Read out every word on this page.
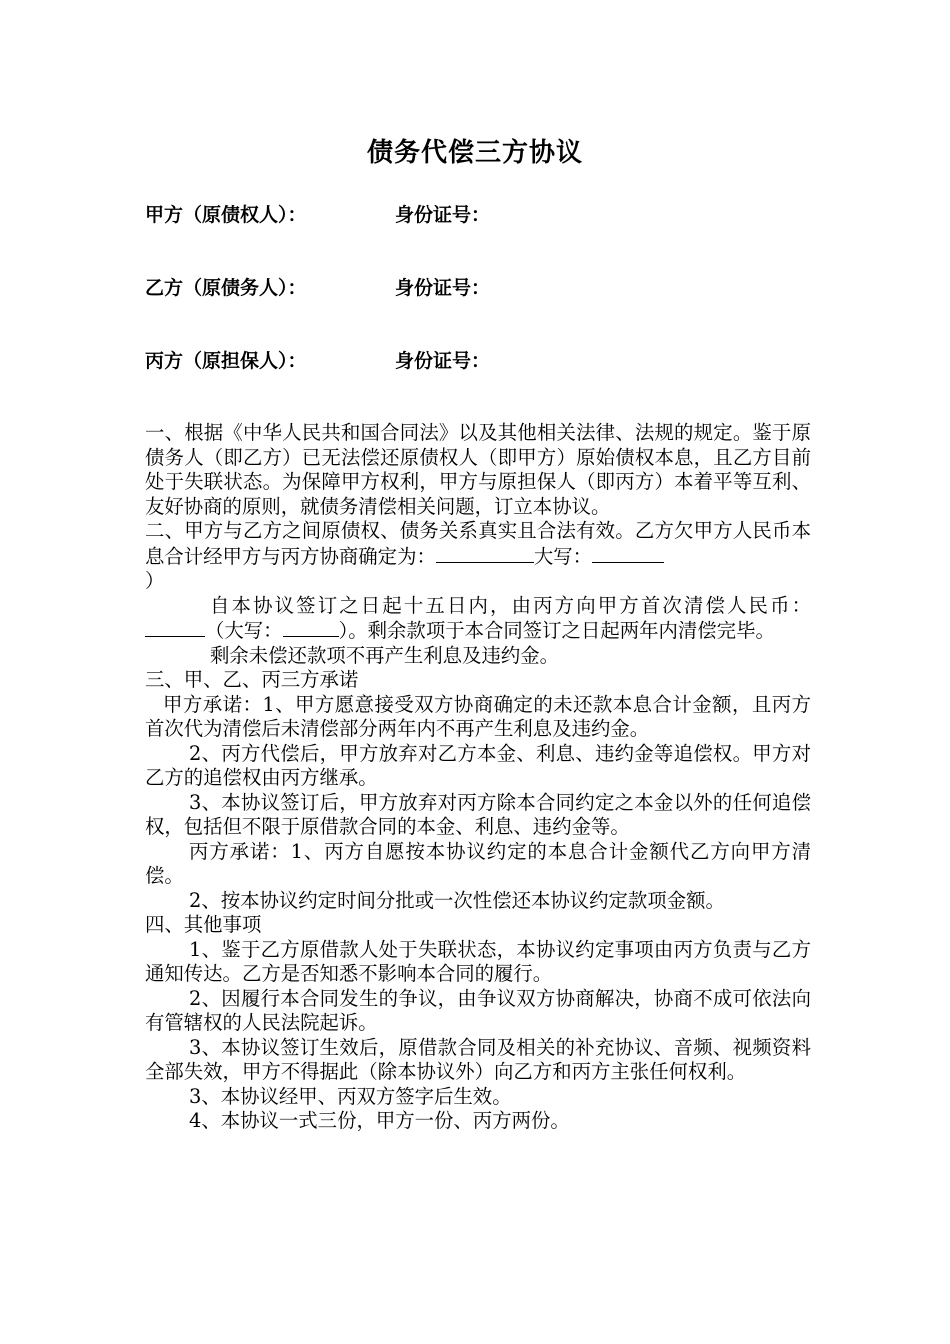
债务代偿三方协议
甲方（原债权人）：	身份证号：
乙方（原债务人）：	身份证号：
丙方（原担保人）：	身份证号：

一、根据《中华人民共和国合同法》以及其他相关法律、法规的规定。鉴于原债务人（即乙方）已无法偿还原债权人（即甲方）原始债权本息，且乙方目前处于失联状态。为保障甲方权利，甲方与原担保人（即丙方）本着平等互利、友好协商的原则，就债务清偿相关问题，订立本协议。

二、甲方与乙方之间原债权、债务关系真实且合法有效。乙方欠甲方人民币本息合计经甲方与丙方协商确定为：	大写：
）

自本协议签订之日起十五日内，由丙方向甲方首次清偿人民币：（大写：	）。剩余款项于本合同签订之日起两年内清偿完毕。

剩余未偿还款项不再产生利息及违约金。

三、甲、乙、丙三方承诺

甲方承诺：1、甲方愿意接受双方协商确定的未还款本息合计金额，且丙方首次代为清偿后未清偿部分两年内不再产生利息及违约金。

2、丙方代偿后，甲方放弃对乙方本金、利息、违约金等追偿权。甲方对乙方的追偿权由丙方继承。

3、本协议签订后，甲方放弃对丙方除本合同约定之本金以外的任何追偿权，包括但不限于原借款合同的本金、利息、违约金等。

丙方承诺：1、丙方自愿按本协议约定的本息合计金额代乙方向甲方清偿。

2、按本协议约定时间分批或一次性偿还本协议约定款项金额。

四、其他事项

1、鉴于乙方原借款人处于失联状态，本协议约定事项由丙方负责与乙方通知传达。乙方是否知悉不影响本合同的履行。

2、因履行本合同发生的争议，由争议双方协商解决，协商不成可依法向有管辖权的人民法院起诉。

3、本协议签订生效后，原借款合同及相关的补充协议、音频、视频资料全部失效，甲方不得据此（除本协议外）向乙方和丙方主张任何权利。

3、本协议经甲、丙双方签字后生效。

4、本协议一式三份，甲方一份、丙方两份。
